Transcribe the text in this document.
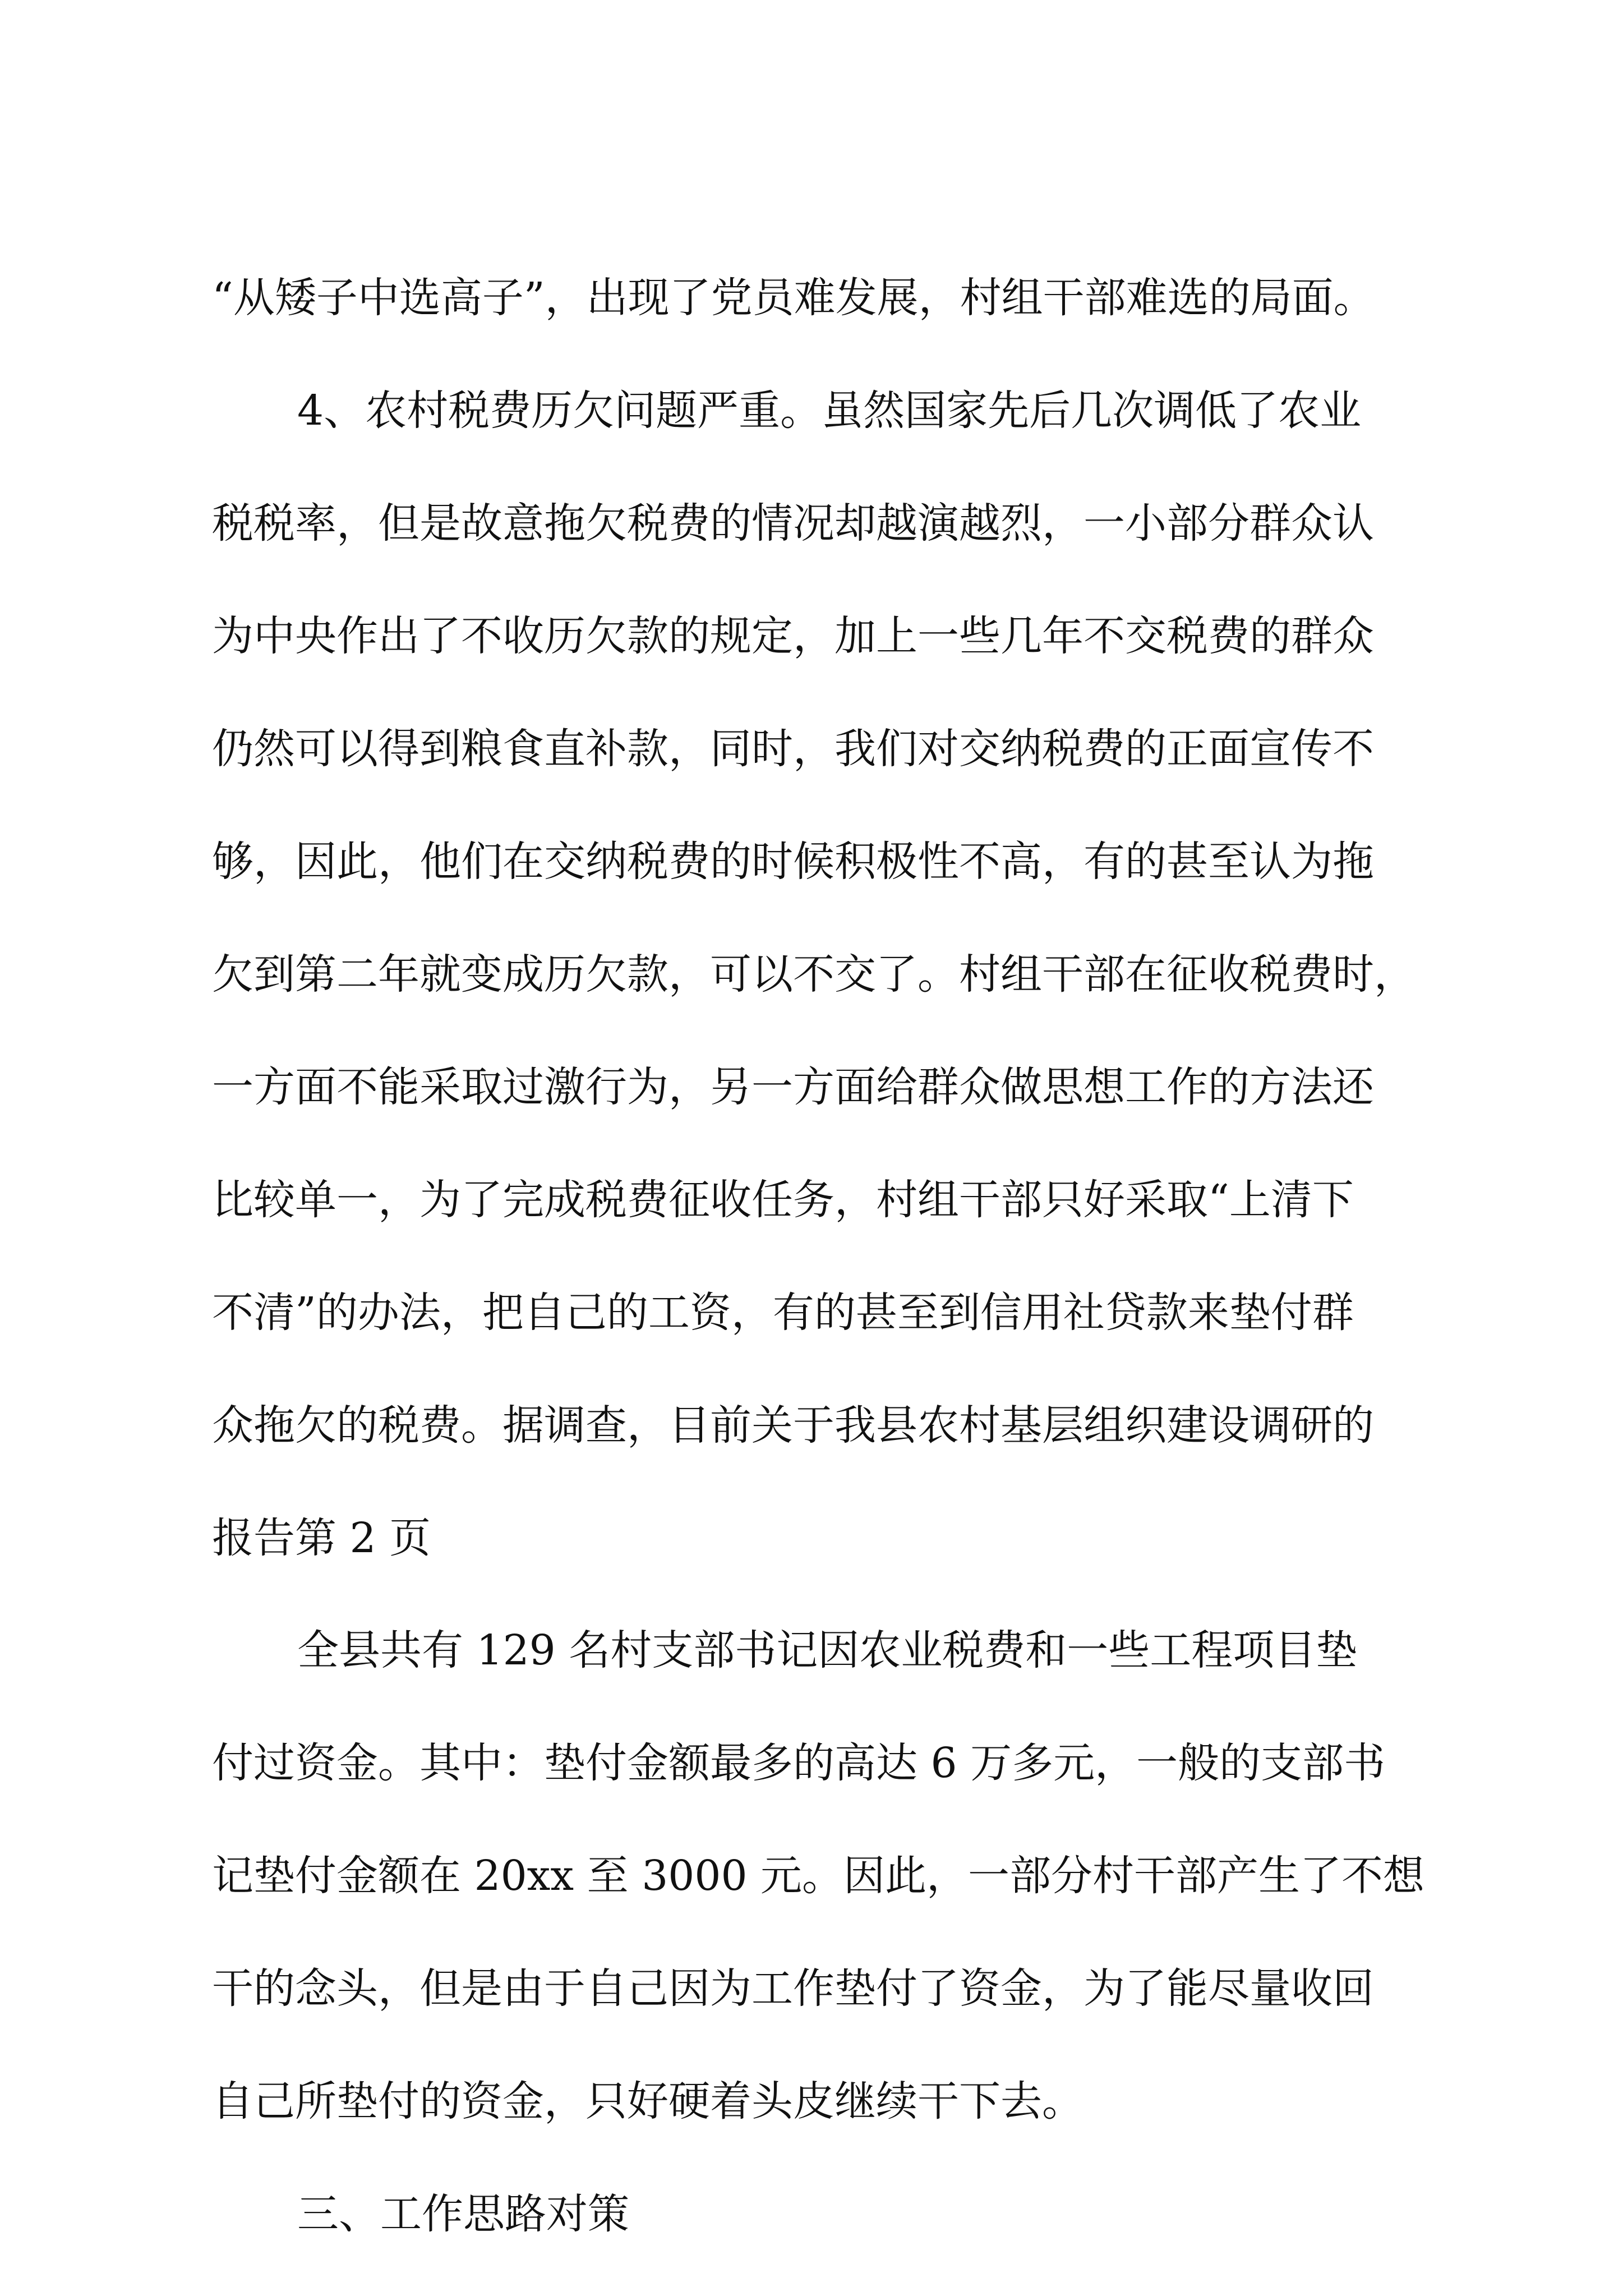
“从矮子中选高子”，出现了党员难发展，村组干部难选的局面。
4、农村税费历欠问题严重。虽然国家先后几次调低了农业
税税率，但是故意拖欠税费的情况却越演越烈，一小部分群众认
为中央作出了不收历欠款的规定，加上一些几年不交税费的群众
仍然可以得到粮食直补款，同时，我们对交纳税费的正面宣传不
够，因此，他们在交纳税费的时候积极性不高，有的甚至认为拖
欠到第二年就变成历欠款，可以不交了。村组干部在征收税费时，
一方面不能采取过激行为，另一方面给群众做思想工作的方法还
比较单一，为了完成税费征收任务，村组干部只好采取“上清下
不清”的办法，把自己的工资，有的甚至到信用社贷款来垫付群
众拖欠的税费。据调查，目前关于我县农村基层组织建设调研的
报告第 2 页
全县共有 129 名村支部书记因农业税费和一些工程项目垫
付过资金。其中：垫付金额最多的高达 6 万多元，一般的支部书
记垫付金额在 20xx 至 3000 元。因此，一部分村干部产生了不想
干的念头，但是由于自己因为工作垫付了资金，为了能尽量收回
自己所垫付的资金，只好硬着头皮继续干下去。
三、工作思路对策
